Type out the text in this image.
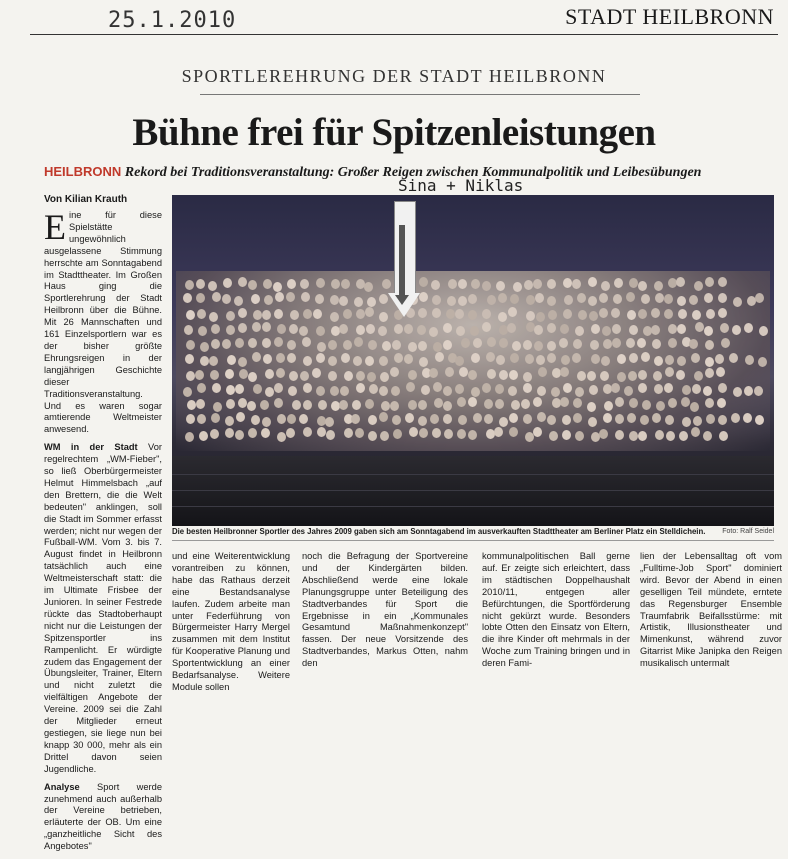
25.1.2010	STADT HEILBRONN
SPORTLEREHRUNG DER STADT HEILBRONN
Bühne frei für Spitzenleistungen
HEILBRONN Rekord bei Traditionsveranstaltung: Großer Reigen zwischen Kommunalpolitik und Leibesübungen
Sina + Niklas
Von Kilian Krauth

Eine für diese Spielstätte ungewöhnlich ausgelassene Stimmung herrschte am Sonntagabend im Stadttheater. Im Großen Haus ging die Sportlerehrung der Stadt Heilbronn über die Bühne. Mit 26 Mannschaften und 161 Einzelsportlern war es der bisher größte Ehrungsreigen in der langjährigen Geschichte dieser Traditionsveranstaltung. Und es waren sogar amtierende Weltmeister anwesend.

WM in der Stadt Vor regelrechtem „WM-Fieber", so ließ Oberbürgermeister Helmut Himmelsbach „auf den Brettern, die die Welt bedeuten" anklingen, soll die Stadt im Sommer erfasst werden; nicht nur wegen der Fußball-WM. Vom 3. bis 7. August findet in Heilbronn tatsächlich auch eine Weltmeisterschaft statt: die im Ultimate Frisbee der Junioren. In seiner Festrede rückte das Stadtoberhaupt nicht nur die Leistungen der Spitzensportler ins Rampenlicht. Er würdigte zudem das Engagement der Übungsleiter, Trainer, Eltern und nicht zuletzt die vielfältigen Angebote der Vereine. 2009 sei die Zahl der Mitglieder erneut gestiegen, sie liege nun bei knapp 30 000, mehr als ein Drittel davon seien Jugendliche.

Analyse Sport werde zunehmend auch außerhalb der Vereine betrieben, erläuterte der OB. Um eine „ganzheitliche Sicht des Angebotes"

Die besten Heilbronner Sportler des Jahres 2009 gaben sich am Sonntagabend im ausverkauften Stadttheater am Berliner Platz ein Stelldichein.	Foto: Ralf Seidel
und eine Weiterentwicklung vorantreiben zu können, habe das Rathaus derzeit eine Bestandsanalyse laufen. Zudem arbeite man unter Federführung von Bürgermeister Harry Mergel zusammen mit dem Institut für Kooperative Planung und Sportentwicklung an einer Bedarfsanalyse. Weitere Module sollen
noch die Befragung der Sportvereine und der Kindergärten bilden. Abschließend werde eine lokale Planungsgruppe unter Beteiligung des Stadtverbandes für Sport die Ergebnisse in ein „Kommunales Gesamtund Maßnahmenkonzept" fassen. Der neue Vorsitzende des Stadtverbandes, Markus Otten, nahm den
kommunalpolitischen Ball gerne auf. Er zeigte sich erleichtert, dass im städtischen Doppelhaushalt 2010/11, entgegen aller Befürchtungen, die Sportförderung nicht gekürzt wurde. Besonders lobte Otten den Einsatz von Eltern, die ihre Kinder oft mehrmals in der Woche zum Training bringen und in deren Fami-
lien der Lebensalltag oft vom „Fulltime-Job Sport" dominiert wird. Bevor der Abend in einen geselligen Teil mündete, erntete das Regensburger Ensemble Traumfabrik Beifallsstürme: mit Artistik, Illusionstheater und Mimenkunst, während zuvor Gitarrist Mike Janipka den Reigen musikalisch untermalt
